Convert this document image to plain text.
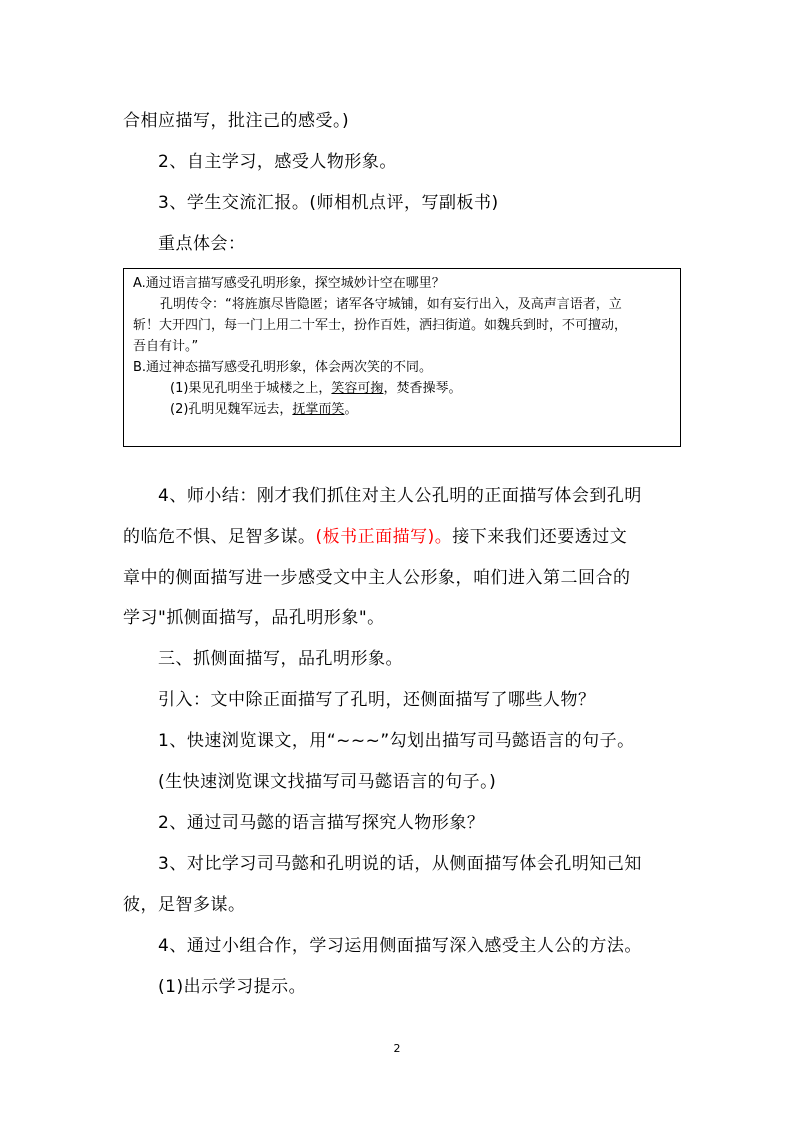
合相应描写，批注己的感受。)
2、自主学习，感受人物形象。
3、学生交流汇报。(师相机点评，写副板书)
重点体会：
A.通过语言描写感受孔明形象，探空城妙计空在哪里？
孔明传令：“将旌旗尽皆隐匿；诸军各守城铺，如有妄行出入，及高声言语者，立
斩！大开四门，每一门上用二十军士，扮作百姓，洒扫街道。如魏兵到时，不可擅动，
吾自有计。”
B.通过神态描写感受孔明形象，体会两次笑的不同。
(1)果见孔明坐于城楼之上，笑容可掬，焚香操琴。
(2)孔明见魏军远去，抚掌而笑。
4、师小结：刚才我们抓住对主人公孔明的正面描写体会到孔明
的临危不惧、足智多谋。(板书正面描写)。接下来我们还要透过文
章中的侧面描写进一步感受文中主人公形象，咱们进入第二回合的
学习"抓侧面描写，品孔明形象"。
三、抓侧面描写，品孔明形象。
引入：文中除正面描写了孔明，还侧面描写了哪些人物？
1、快速浏览课文，用“~~~”勾划出描写司马懿语言的句子。
(生快速浏览课文找描写司马懿语言的句子。)
2、通过司马懿的语言描写探究人物形象？
3、对比学习司马懿和孔明说的话，从侧面描写体会孔明知己知
彼，足智多谋。
4、通过小组合作，学习运用侧面描写深入感受主人公的方法。
(1)出示学习提示。
2
